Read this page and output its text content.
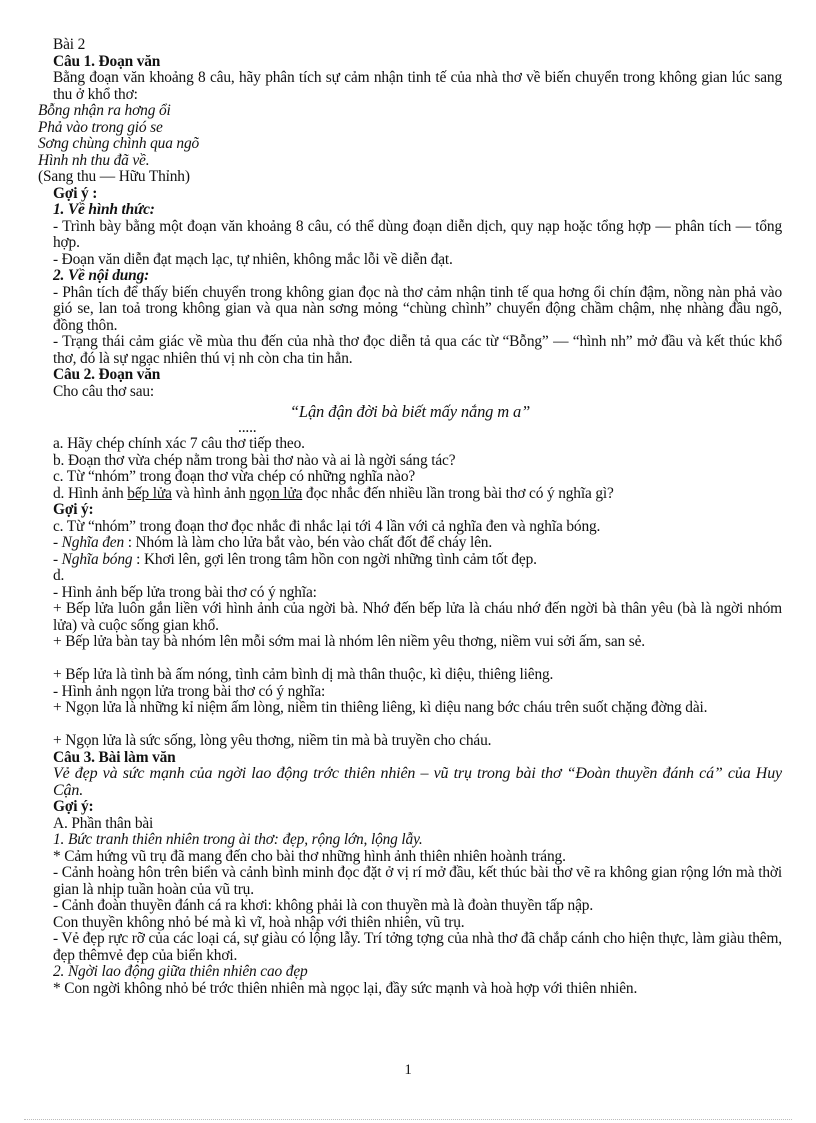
Bài 2
Câu 1. Đoạn văn
Bằng đoạn văn khoảng 8 câu, hãy phân tích sự cảm nhận tinh tế của nhà thơ về biến chuyển trong không gian lúc sang thu ở khổ thơ:
Bỗng nhận ra hơng ổi
Phả vào trong gió se
Sơng chùng chình qua ngõ
Hình nh thu đã về.
(Sang thu — Hữu Thỉnh)
Gợi ý :
1. Về hình thức:
- Trình bày bằng một đoạn văn khoảng 8 câu, có thể dùng đoạn diễn dịch, quy nạp hoặc tổng hợp — phân tích — tổng hợp.
- Đoạn văn diễn đạt mạch lạc, tự nhiên, không mắc lỗi về diễn đạt.
2. Về nội dung:
- Phân tích để thấy biến chuyển trong không gian đọc nà thơ cảm nhận tinh tế qua hơng ổi chín đậm, nồng nàn phả vào gió se, lan toả trong không gian và qua nàn sơng mỏng “chùng chình” chuyển động chầm chậm, nhẹ nhàng đầu ngõ, đồng thôn.
- Trạng thái cảm giác về mùa thu đến của nhà thơ đọc diễn tả qua các từ “Bỗng” — “hình nh” mở đầu và kết thúc khổ thơ, đó là sự ngạc nhiên thú vị nh còn cha tin hẳn.
Câu 2. Đoạn văn
Cho câu thơ sau:
“Lận đận đời bà biết mấy nắng m a”
.....
a. Hãy chép chính xác 7 câu thơ tiếp theo.
b. Đoạn thơ vừa chép nằm trong bài thơ nào và ai là ngời sáng tác?
c. Từ “nhóm” trong đoạn thơ vừa chép có những nghĩa nào?
d. Hình ảnh bếp lửa và hình ảnh ngọn lửa đọc nhắc đến nhiều lần trong bài thơ có ý nghĩa gì?
Gợi ý:
c. Từ “nhóm” trong đoạn thơ đọc nhắc đi nhắc lại tới 4 lần với cả nghĩa đen và nghĩa bóng.
- Nghĩa đen : Nhóm là làm cho lửa bắt vào, bén vào chất đốt để cháy lên.
- Nghĩa bóng : Khơi lên, gợi lên trong tâm hồn con ngời những tình cảm tốt đẹp.
d.
- Hình ảnh bếp lửa trong bài thơ có ý nghĩa:
+ Bếp lửa luôn gắn liền với hình ảnh của ngời bà. Nhớ đến bếp lửa là cháu nhớ đến ngời bà thân yêu (bà là ngời nhóm lửa) và cuộc sống gian khổ.
+ Bếp lửa bàn tay bà nhóm lên mỗi sớm mai là nhóm lên niềm yêu thơng, niềm vui sởi ấm, san sẻ.
+ Bếp lửa là tình bà ấm nóng, tình cảm bình dị mà thân thuộc, kì diệu, thiêng liêng.
- Hình ảnh ngọn lửa trong bài thơ có ý nghĩa:
+ Ngọn lửa là những kỉ niệm ấm lòng, niềm tin thiêng liêng, kì diệu nang bớc cháu trên suốt chặng đờng dài.
+ Ngọn lửa là sức sống, lòng yêu thơng, niềm tin mà bà truyền cho cháu.
Câu 3. Bài làm văn
Vẻ đẹp và sức mạnh của ngời lao động trớc thiên nhiên – vũ trụ trong bài thơ “Đoàn thuyền đánh cá” của Huy Cận.
Gợi ý:
A. Phần thân bài
1. Bức tranh thiên nhiên trong ài thơ: đẹp, rộng lớn, lộng lẫy.
* Cảm hứng vũ trụ đã mang đến cho bài thơ những hình ảnh thiên nhiên hoành tráng.
- Cảnh hoàng hôn trên biển và cảnh bình minh đọc đặt ở vị rí mở đầu, kết thúc bài thơ vẽ ra không gian rộng lớn mà thời gian là nhịp tuần hoàn của vũ trụ.
- Cảnh đoàn thuyền đánh cá ra khơi: không phải là con thuyền mà là đoàn thuyền tấp nập.
Con thuyền không nhỏ bé mà kì vĩ, hoà nhập với thiên nhiên, vũ trụ.
- Vẻ đẹp rực rỡ của các loại cá, sự giàu có lộng lẫy. Trí tởng tợng của nhà thơ đã chắp cánh cho hiện thực, làm giàu thêm, đẹp thêmvẻ đẹp của biển khơi.
2. Ngời lao động giữa thiên nhiên cao đẹp
* Con ngời không nhỏ bé trớc thiên nhiên mà ngọc lại, đầy sức mạnh và hoà hợp với thiên nhiên.
1
